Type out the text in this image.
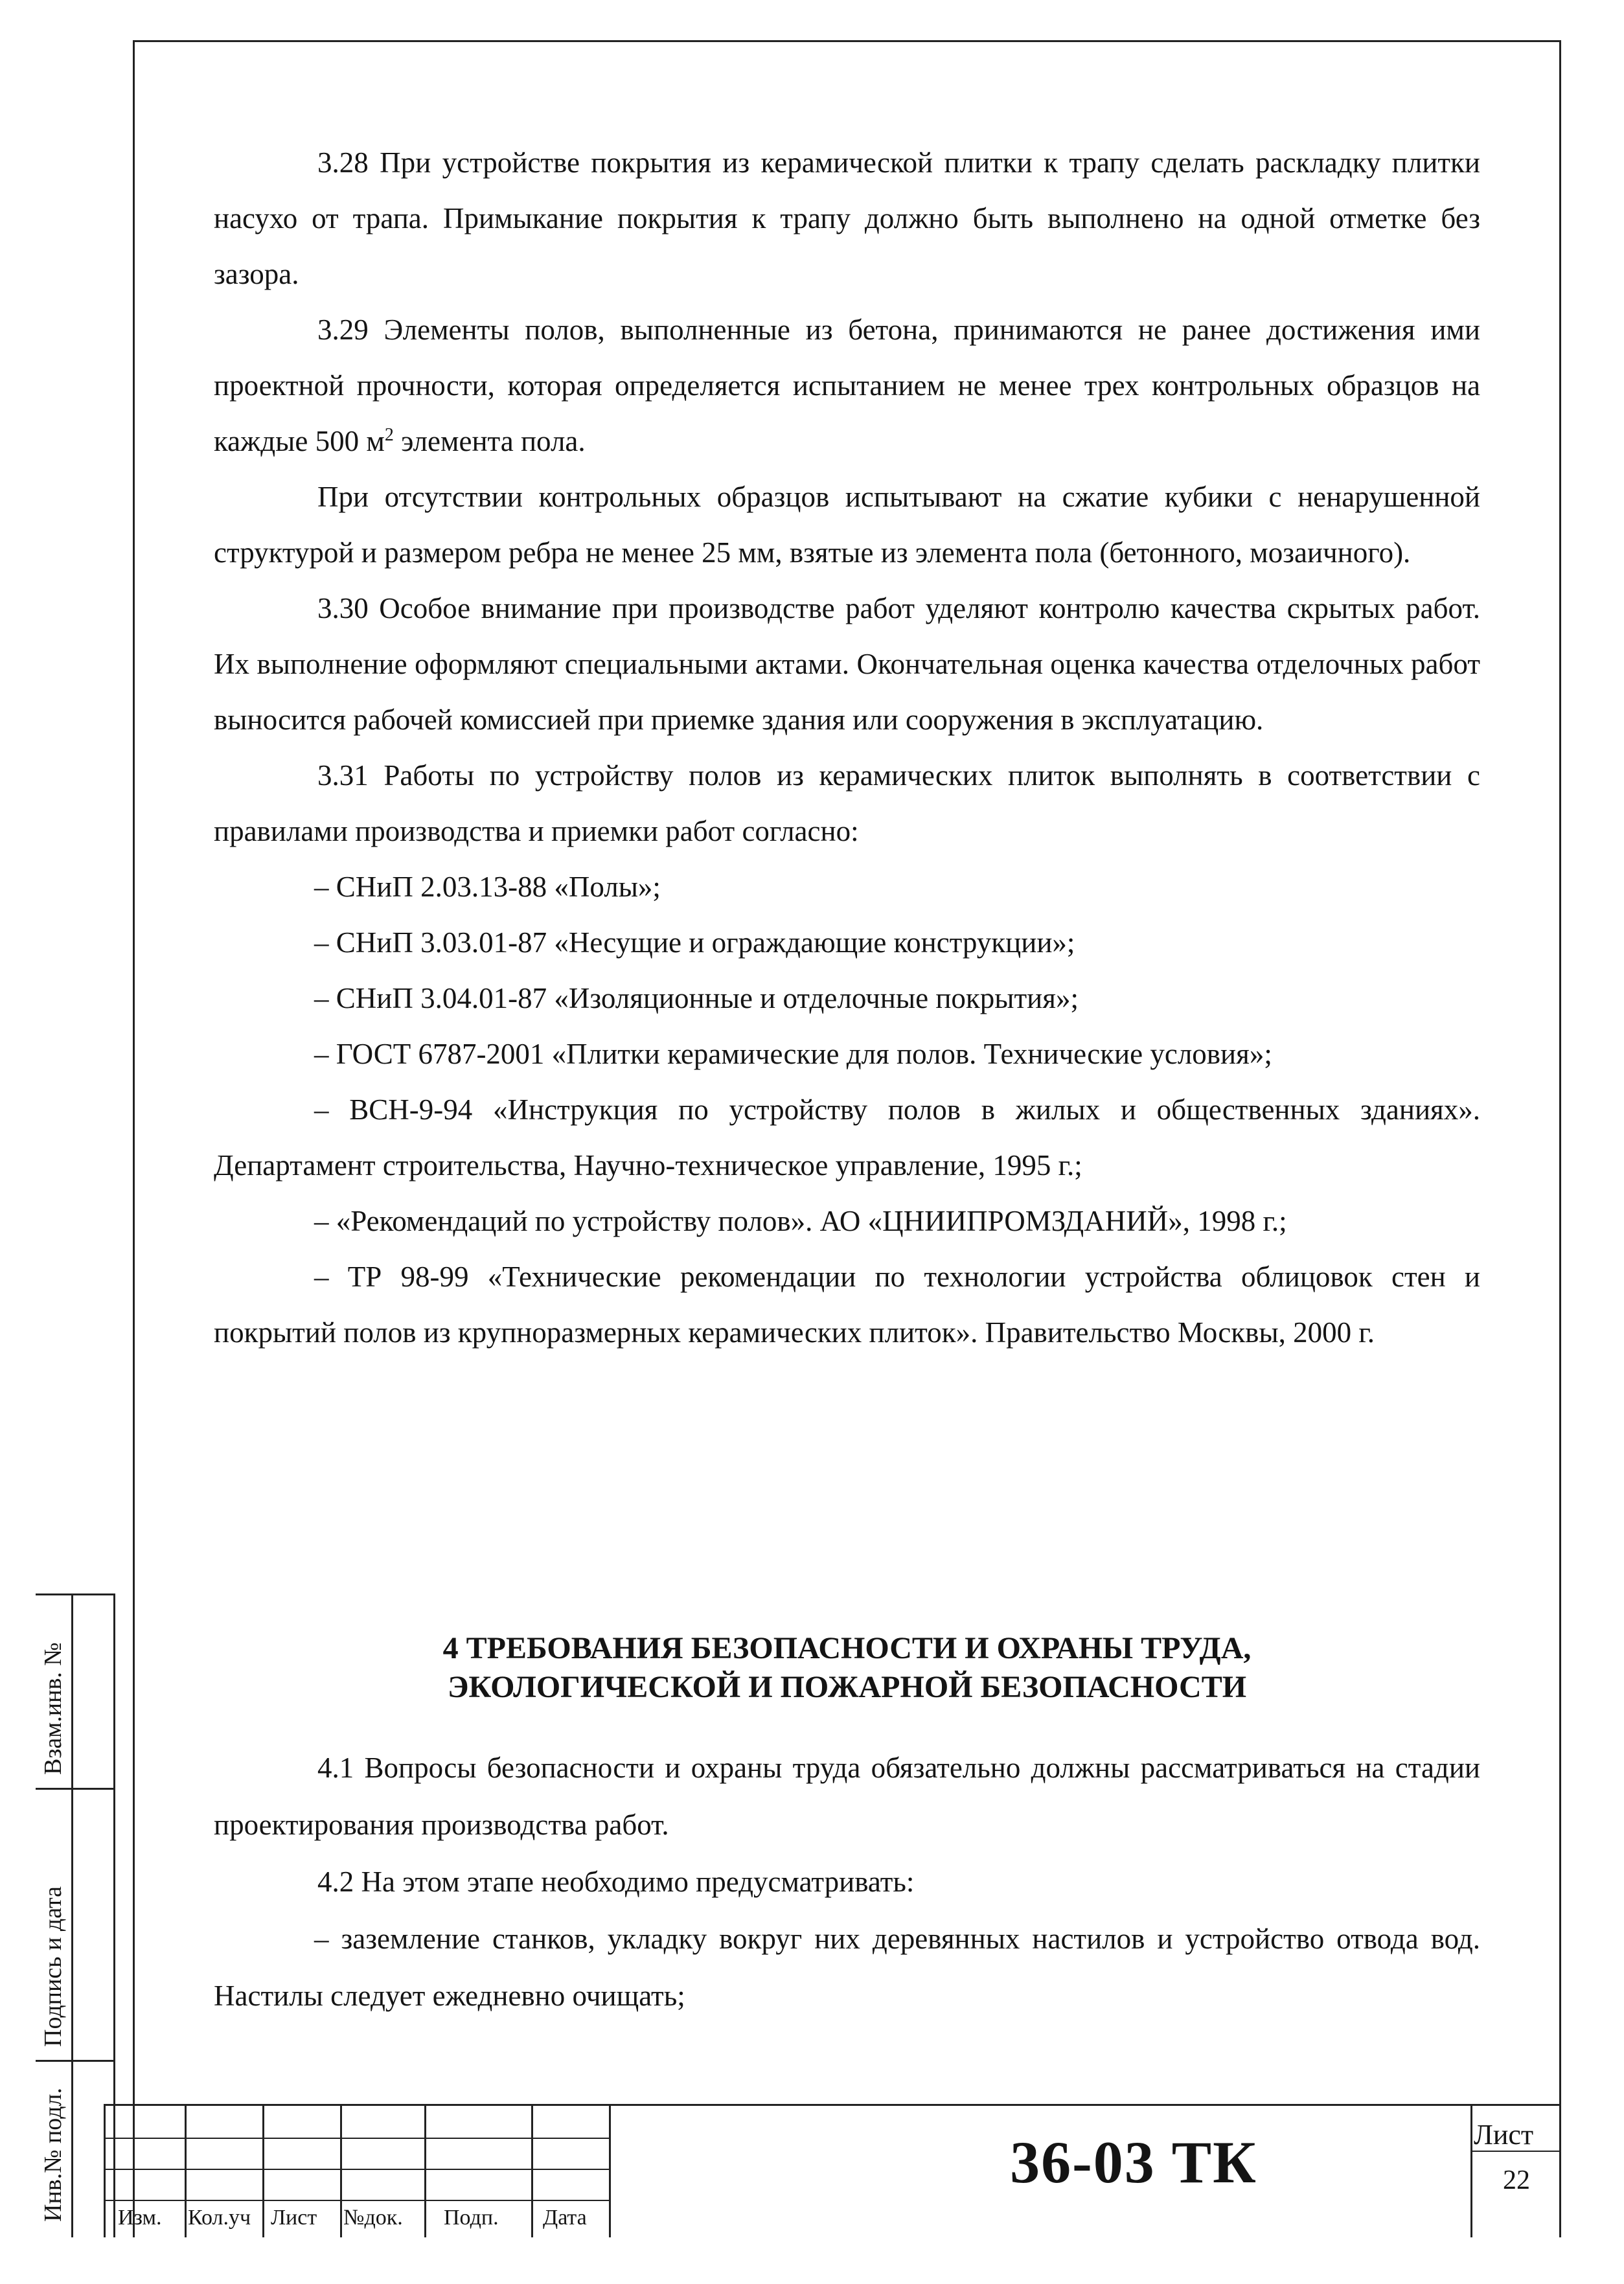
3.28 При устройстве покрытия из керамической плитки к трапу сделать раскладку плитки насухо от трапа. Примыкание покрытия к трапу должно быть выполнено на одной отметке без зазора.

3.29 Элементы полов, выполненные из бетона, принимаются не ранее достижения ими проектной прочности, которая определяется испытанием не менее трех контрольных образцов на каждые 500 $м^2$ элемента пола.

При отсутствии контрольных образцов испытывают на сжатие кубики с ненарушенной структурой и размером ребра не менее 25 мм, взятые из элемента пола (бетонного, мозаичного).

3.30 Особое внимание при производстве работ уделяют контролю качества скрытых работ. Их выполнение оформляют специальными актами. Окончательная оценка качества отделочных работ выносится рабочей комиссией при приемке здания или сооружения в эксплуатацию.

3.31 Работы по устройству полов из керамических плиток выполнять в соответствии с правилами производства и приемки работ согласно:

– СНиП 2.03.13-88 «Полы»;

– СНиП 3.03.01-87 «Несущие и ограждающие конструкции»;

– СНиП 3.04.01-87 «Изоляционные и отделочные покрытия»;

– ГОСТ 6787-2001 «Плитки керамические для полов. Технические условия»;

– ВСН-9-94 «Инструкция по устройству полов в жилых и общественных зданиях». Департамент строительства, Научно-техническое управление, 1995 г.;

– «Рекомендаций по устройству полов». АО «ЦНИИПРОМЗДАНИЙ», 1998 г.;

– ТР 98-99 «Технические рекомендации по технологии устройства облицовок стен и покрытий полов из крупноразмерных керамических плиток». Правительство Москвы, 2000 г.

4 ТРЕБОВАНИЯ БЕЗОПАСНОСТИ И ОХРАНЫ ТРУДА,
ЭКОЛОГИЧЕСКОЙ И ПОЖАРНОЙ БЕЗОПАСНОСТИ

4.1 Вопросы безопасности и охраны труда обязательно должны рассматриваться на стадии проектирования производства работ.

4.2 На этом этапе необходимо предусматривать:

– заземление станков, укладку вокруг них деревянных настилов и устройство отвода вод. Настилы следует ежедневно очищать;

Взам.инв. №
Подпись и дата
Инв.№ подл. Изм. Кол.уч Лист №док. Подп. Дата
36-03 ТК	Лист
22
